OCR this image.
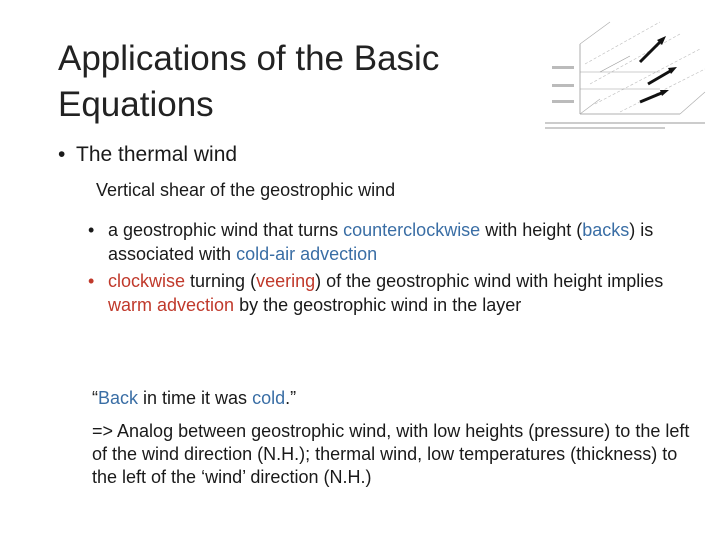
Applications of the Basic Equations
• The thermal wind
Vertical shear of the geostrophic wind
• a geostrophic wind that turns counterclockwise with height (backs) is associated with cold-air advection
• clockwise turning (veering) of the geostrophic wind with height implies warm advection by the geostrophic wind in the layer
“Back in time it was cold.”
=> Analog between geostrophic wind, with low heights (pressure) to the left of the wind direction (N.H.); thermal wind, low temperatures (thickness) to the left of the ‘wind’ direction (N.H.)
